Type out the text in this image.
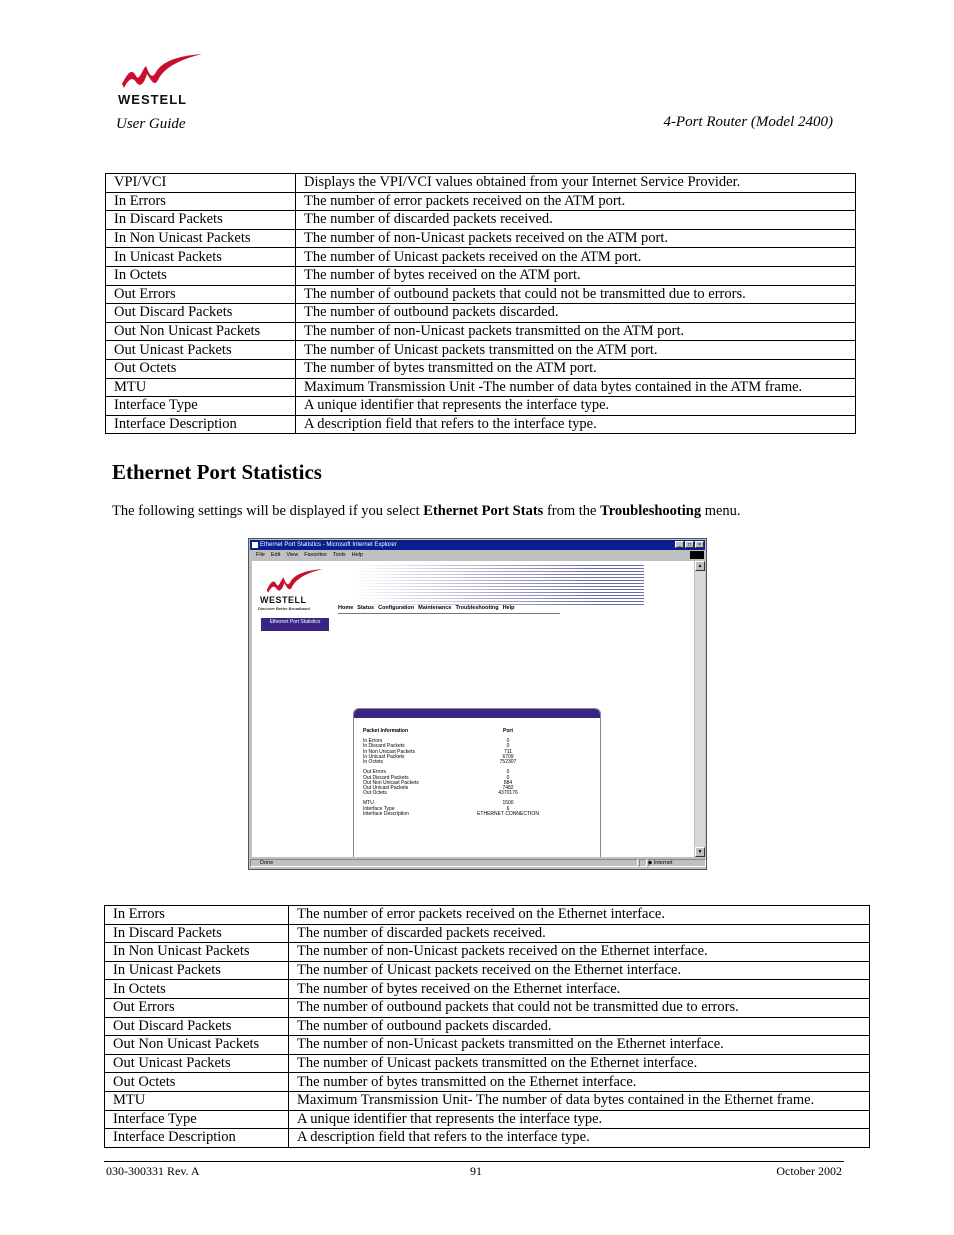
WESTELL
User Guide	4-Port Router (Model 2400)
VPI/VCI	Displays the VPI/VCI values obtained from your Internet Service Provider.
In Errors	The number of error packets received on the ATM port.
In Discard Packets	The number of discarded packets received.
In Non Unicast Packets	The number of non-Unicast packets received on the ATM port.
In Unicast Packets	The number of Unicast packets received on the ATM port.
In Octets	The number of bytes received on the ATM port.
Out Errors	The number of outbound packets that could not be transmitted due to errors.
Out Discard Packets	The number of outbound packets discarded.
Out Non Unicast Packets	The number of non-Unicast packets transmitted on the ATM port.
Out Unicast Packets	The number of Unicast packets transmitted on the ATM port.
Out Octets	The number of bytes transmitted on the ATM port.
MTU	Maximum Transmission Unit -The number of data bytes contained in the ATM frame.
Interface Type	A unique identifier that represents the interface type.
Interface Description	A description field that refers to the interface type.
Ethernet Port Statistics
The following settings will be displayed if you select Ethernet Port Stats from the Troubleshooting menu.
Ethernet Port Statistics - Microsoft Internet Explorer	_	□	×
File Edit View Favorites Tools Help
WESTELL
Discover Better Broadband	Home Status Configuration Maintenance Troubleshooting Help
Ethernet Port Statistics
Packet Information	Port
In Errors	0
In Discard Packets	0
In Non Unicast Packets	711
In Unicast Packets	6709
In Octets	752307
Out Errors	0
Out Discard Packets	0
Out Non Unicast Packets	884
Out Unicast Packets	7482
Out Octets	4370176
MTU	1500
Interface Type	6
Interface Description	ETHERNET CONNECTION
▲
▼
Done	◆ Internet
In Errors	The number of error packets received on the Ethernet interface.
In Discard Packets	The number of discarded packets received.
In Non Unicast Packets	The number of non-Unicast packets received on the Ethernet interface.
In Unicast Packets	The number of Unicast packets received on the Ethernet interface.
In Octets	The number of bytes received on the Ethernet interface.
Out Errors	The number of outbound packets that could not be transmitted due to errors.
Out Discard Packets	The number of outbound packets discarded.
Out Non Unicast Packets	The number of non-Unicast packets transmitted on the Ethernet interface.
Out Unicast Packets	The number of Unicast packets transmitted on the Ethernet interface.
Out Octets	The number of bytes transmitted on the Ethernet interface.
MTU	Maximum Transmission Unit- The number of data bytes contained in the Ethernet frame.
Interface Type	A unique identifier that represents the interface type.
Interface Description	A description field that refers to the interface type.
030-300331 Rev. A	91	October 2002
